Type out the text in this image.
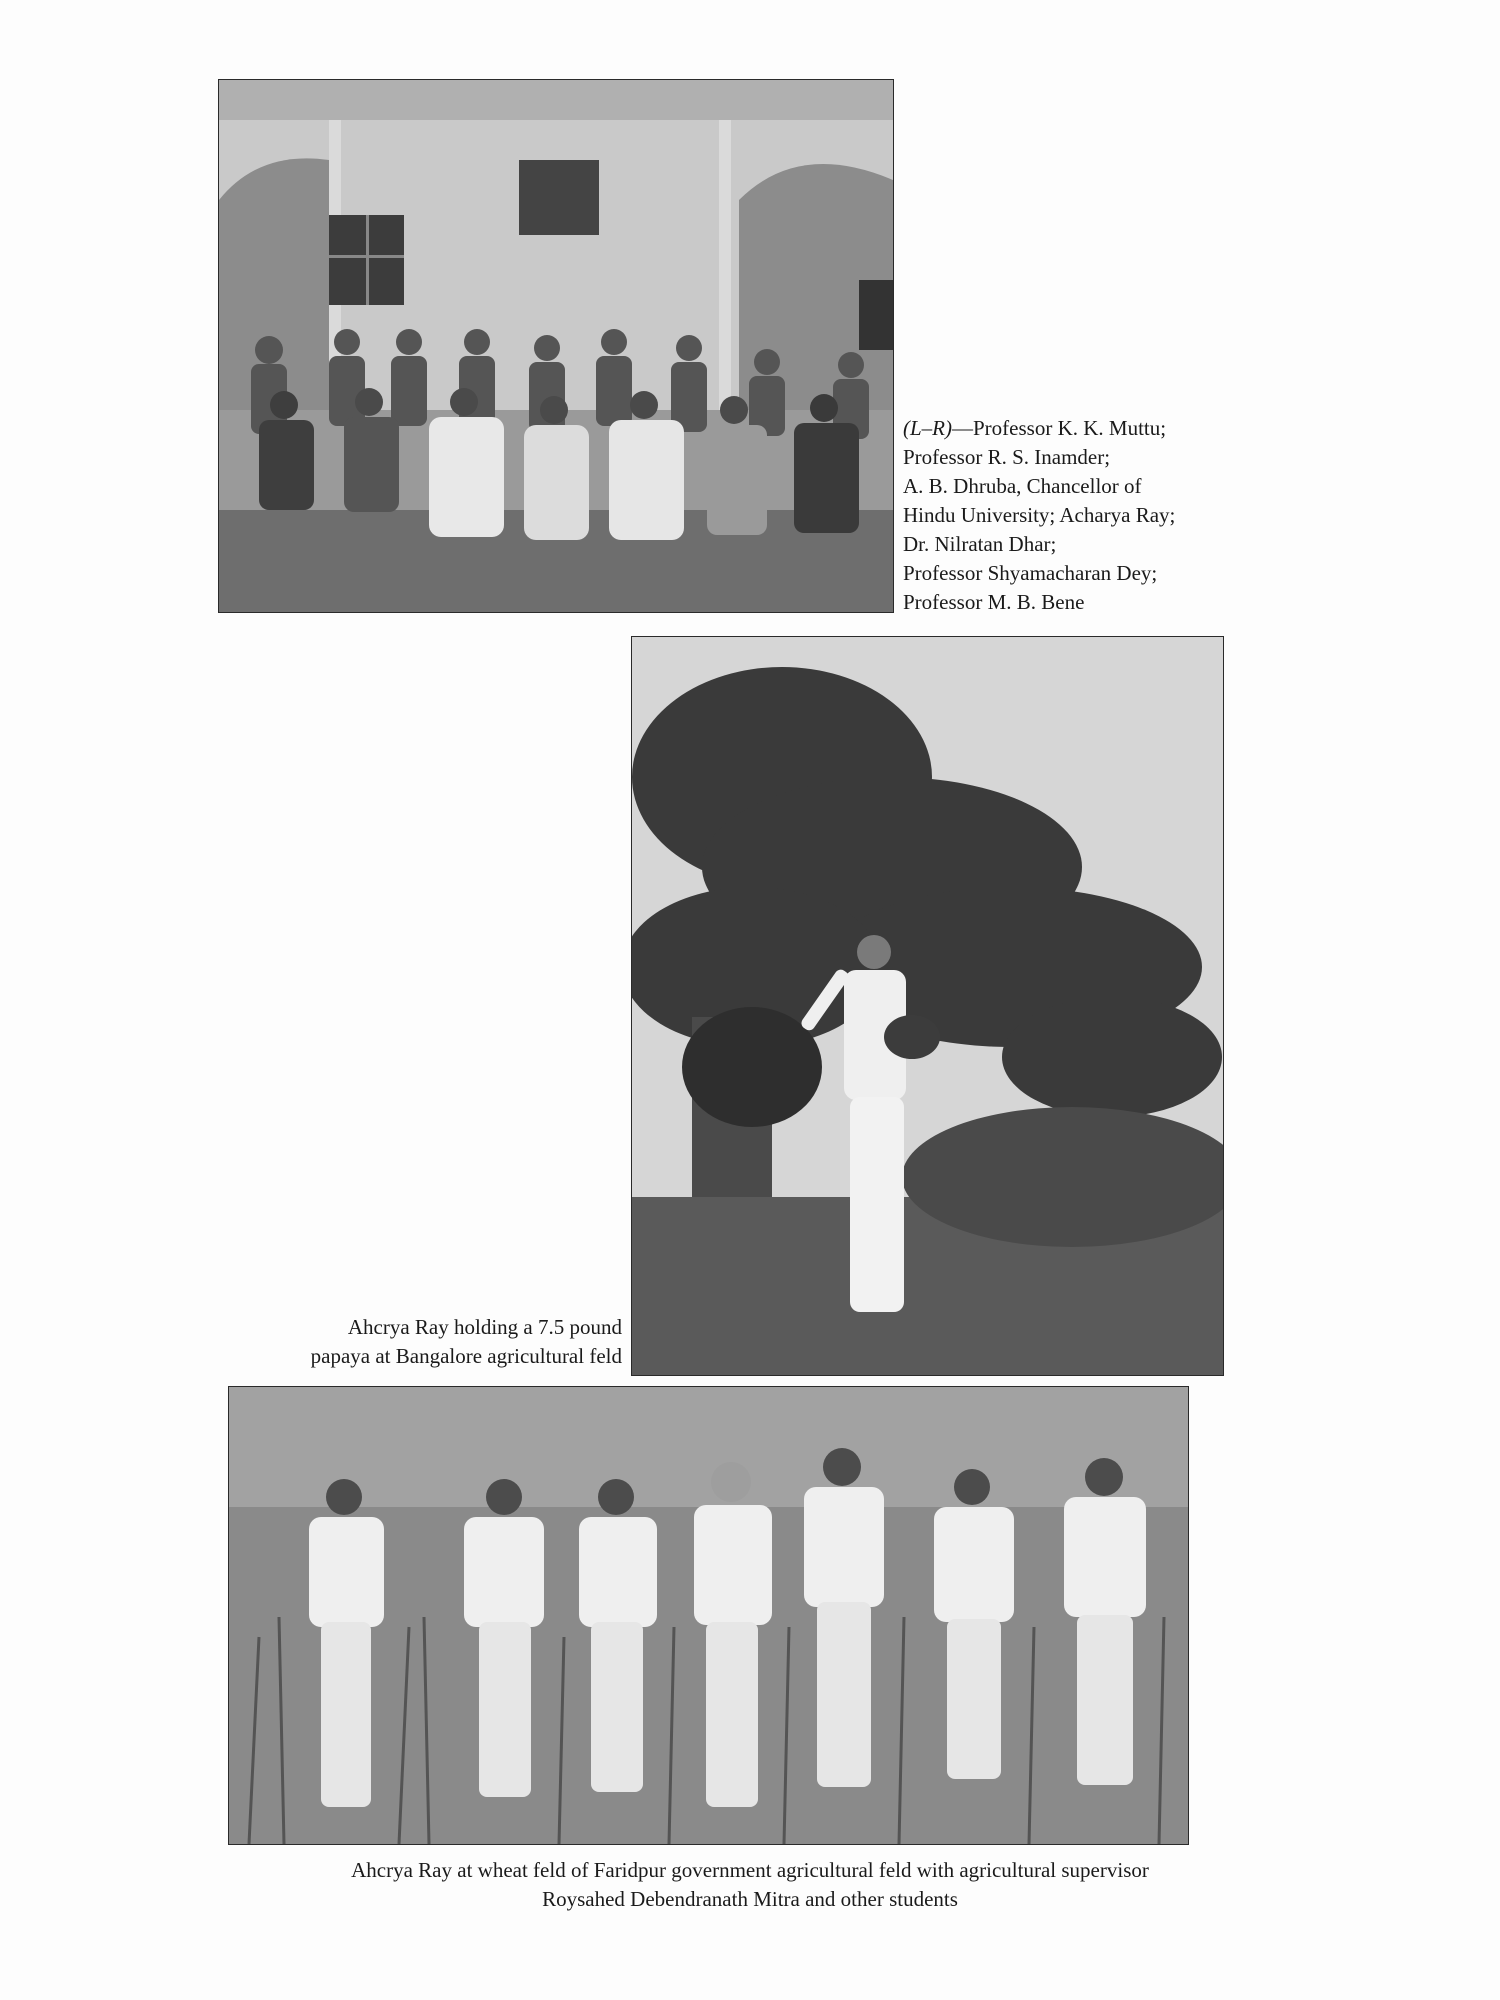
(L–R)—Professor K. K. Muttu;
Professor R. S. Inamder;
A. B. Dhruba, Chancellor of
Hindu University; Acharya Ray;
Dr. Nilratan Dhar;
Professor Shyamacharan Dey;
Professor M. B. Bene
Ahcrya Ray holding a 7.5 pound
papaya at Bangalore agricultural feld
Ahcrya Ray at wheat feld of Faridpur government agricultural feld with agricultural supervisor
Roysahed Debendranath Mitra and other students
